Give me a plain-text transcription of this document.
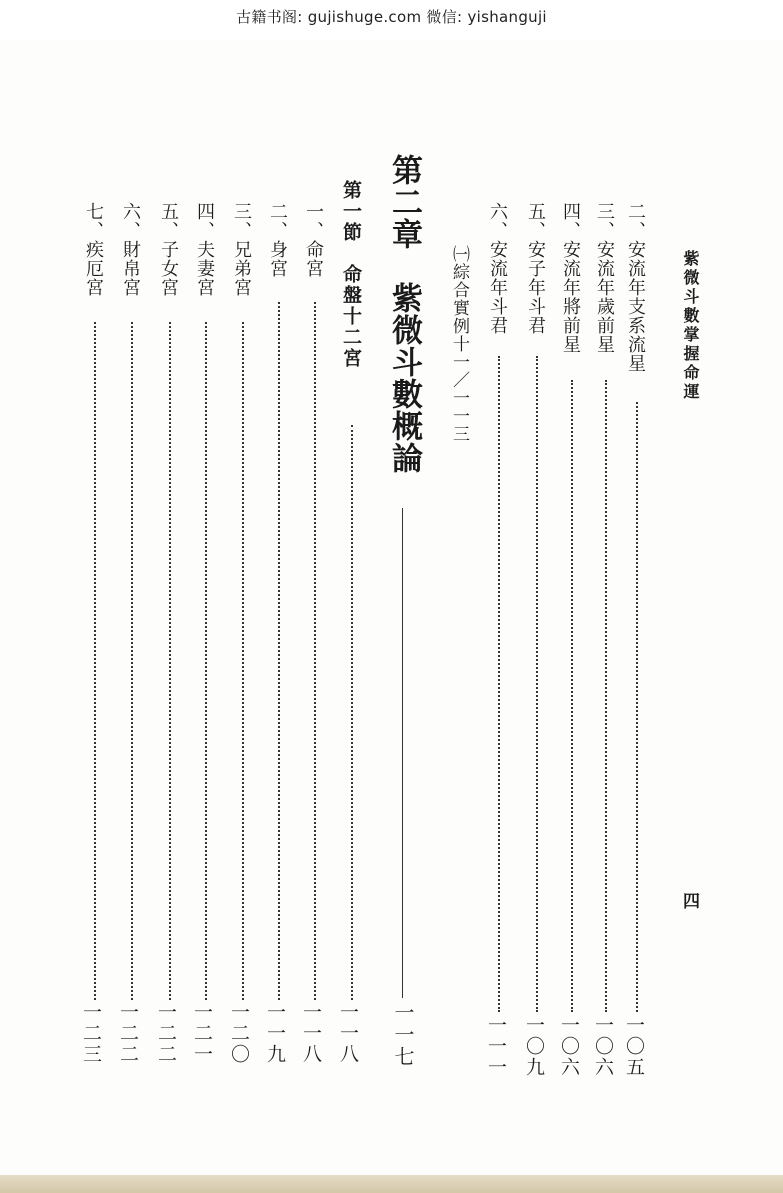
古籍书阁: gujishuge.com 微信: yishanguji
紫微斗數掌握命運
四
二、安流年支系流星
一〇五
三、安流年歲前星
一〇六
四、安流年將前星
一〇六
五、安子年斗君
一〇九
六、安流年斗君
一一一
㈠綜合實例十一／一一三
第二章　紫微斗數概論
一一七
第一節　命盤十二宮
一一八
一、命宮
一一八
二、身宮
一一九
三、兄弟宮
一二〇
四、夫妻宮
一二一
五、子女宮
一二二
六、財帛宮
一二二
七、疾厄宮
一二三
